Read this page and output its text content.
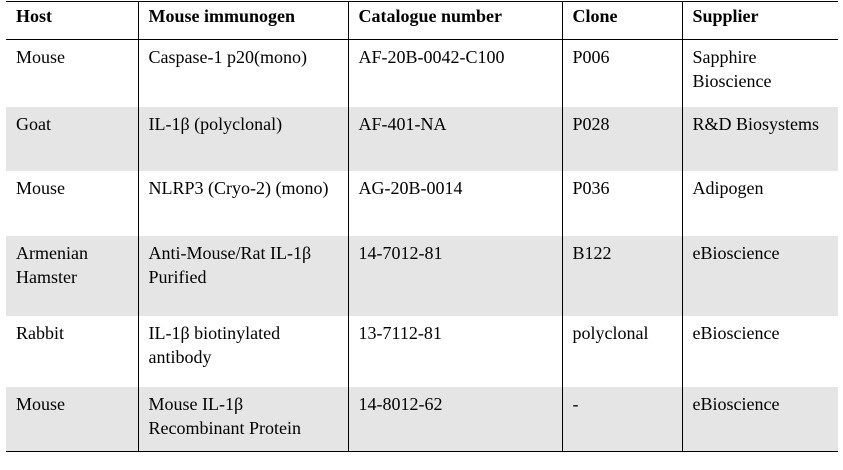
Host	Mouse immunogen	Catalogue number	Clone	Supplier
Mouse	Caspase-1 p20(mono)	AF-20B-0042-C100	P006	Sapphire Bioscience
Goat	IL-1β (polyclonal)	AF-401-NA	P028	R&D Biosystems
Mouse	NLRP3 (Cryo-2) (mono)	AG-20B-0014	P036	Adipogen
Armenian Hamster	Anti-Mouse/Rat IL-1β Purified	14-7012-81	B122	eBioscience
Rabbit	IL-1β biotinylated antibody	13-7112-81	polyclonal	eBioscience
Mouse	Mouse IL-1β Recombinant Protein	14-8012-62	-	eBioscience
